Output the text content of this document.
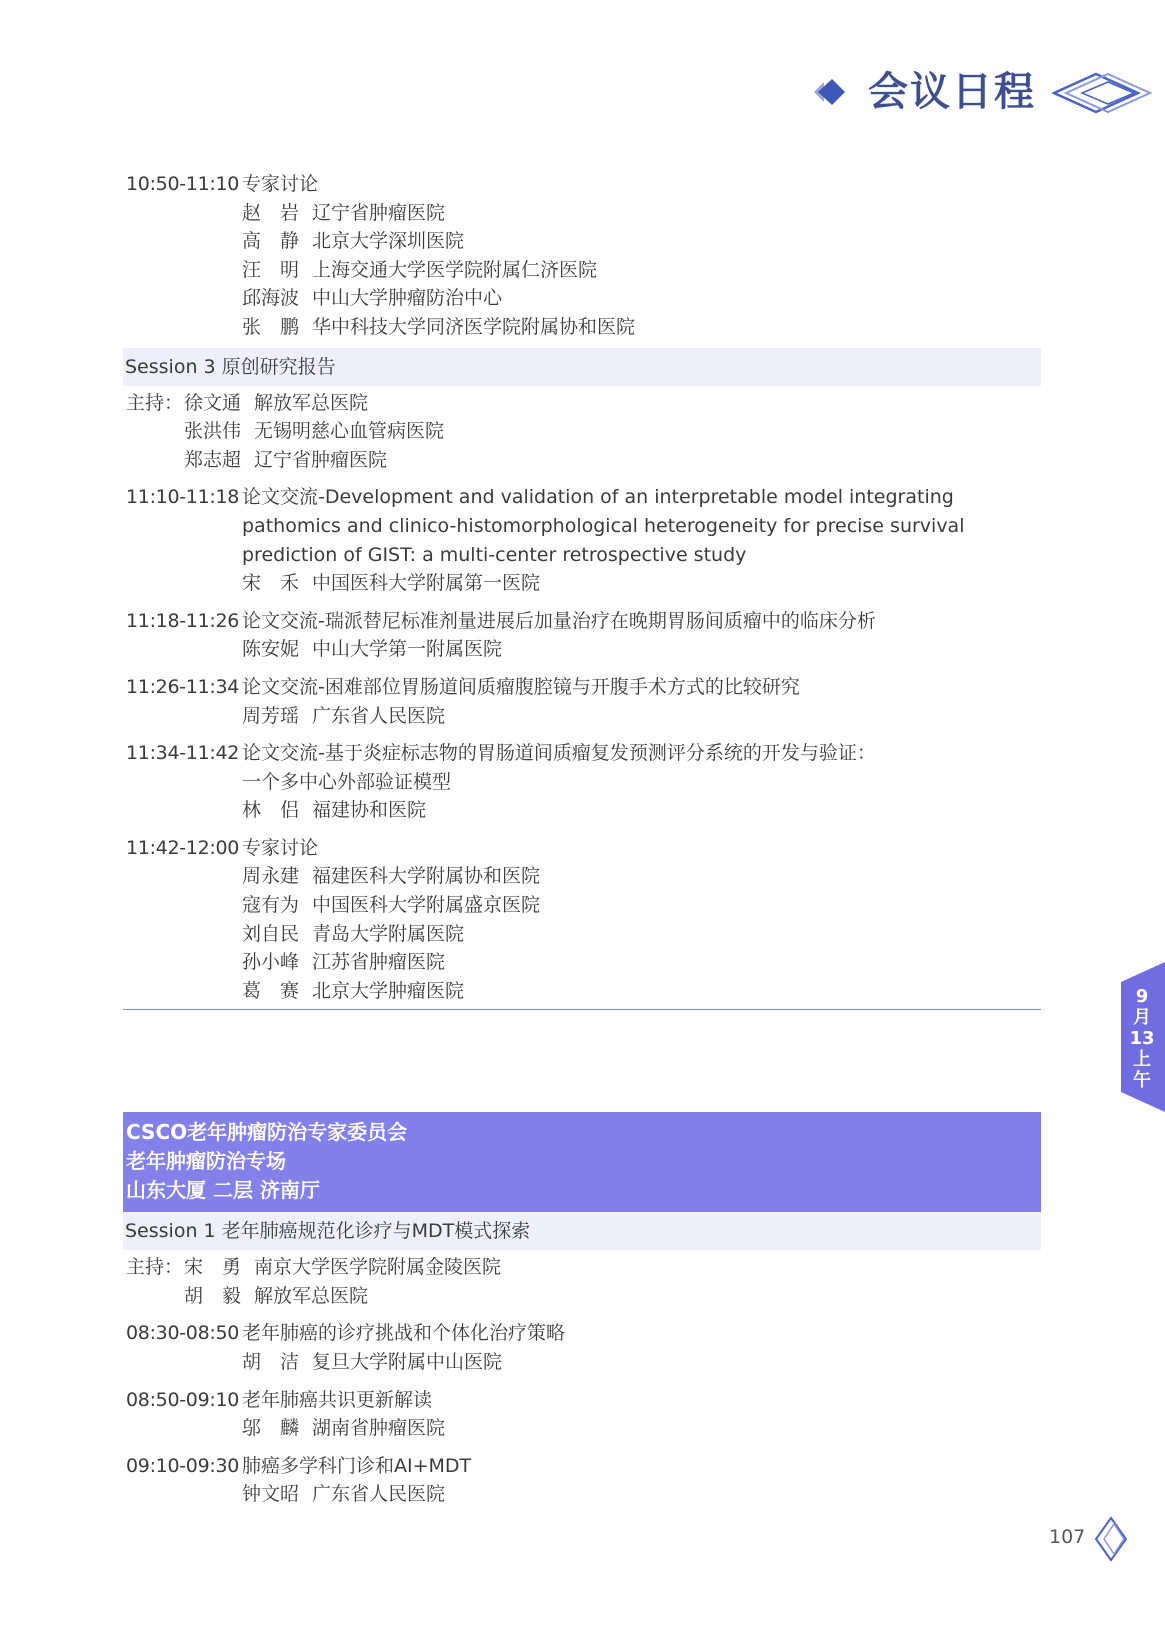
会议日程
10:50-11:10 专家讨论
赵　岩 辽宁省肿瘤医院
高　静 北京大学深圳医院
汪　明 上海交通大学医学院附属仁济医院
邱海波 中山大学肿瘤防治中心
张　鹏 华中科技大学同济医学院附属协和医院
Session 3 原创研究报告
主持： 徐文通 解放军总医院
张洪伟 无锡明慈心血管病医院
郑志超 辽宁省肿瘤医院
11:10-11:18 论文交流-Development and validation of an interpretable model integrating
pathomics and clinico-histomorphological heterogeneity for precise survival
prediction of GIST: a multi-center retrospective study
宋　禾 中国医科大学附属第一医院
11:18-11:26 论文交流-瑞派替尼标准剂量进展后加量治疗在晚期胃肠间质瘤中的临床分析
陈安妮 中山大学第一附属医院
11:26-11:34 论文交流-困难部位胃肠道间质瘤腹腔镜与开腹手术方式的比较研究
周芳瑶 广东省人民医院
11:34-11:42 论文交流-基于炎症标志物的胃肠道间质瘤复发预测评分系统的开发与验证：
一个多中心外部验证模型
林　侣 福建协和医院
11:42-12:00 专家讨论
周永建 福建医科大学附属协和医院
寇有为 中国医科大学附属盛京医院
刘自民 青岛大学附属医院
孙小峰 江苏省肿瘤医院
葛　赛 北京大学肿瘤医院
CSCO老年肿瘤防治专家委员会
老年肿瘤防治专场
山东大厦 二层 济南厅
Session 1 老年肺癌规范化诊疗与MDT模式探索
主持： 宋　勇 南京大学医学院附属金陵医院
胡　毅 解放军总医院
08:30-08:50 老年肺癌的诊疗挑战和个体化治疗策略
胡　洁 复旦大学附属中山医院
08:50-09:10 老年肺癌共识更新解读
邬　麟 湖南省肿瘤医院
09:10-09:30 肺癌多学科门诊和AI+MDT
钟文昭 广东省人民医院
9
月
13
上
午
107
